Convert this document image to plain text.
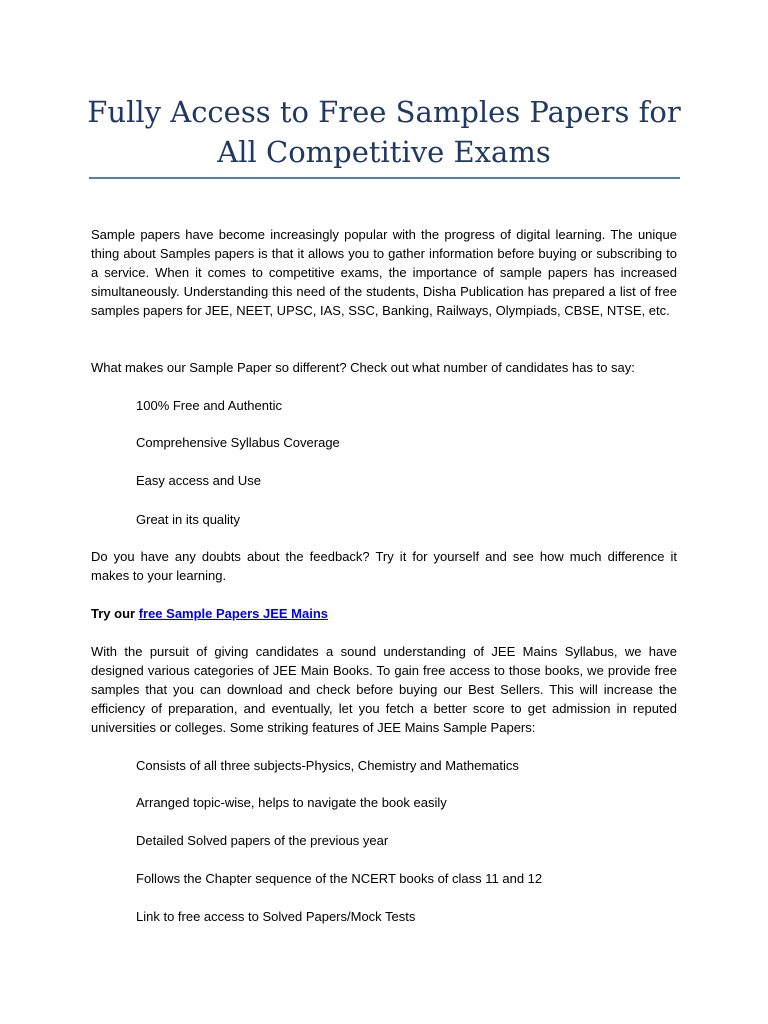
Fully Access to Free Samples Papers for
All Competitive Exams

Sample papers have become increasingly popular with the progress of digital learning. The unique thing about Samples papers is that it allows you to gather information before buying or subscribing to a service. When it comes to competitive exams, the importance of sample papers has increased simultaneously. Understanding this need of the students, Disha Publication has prepared a list of free samples papers for JEE, NEET, UPSC, IAS, SSC, Banking, Railways, Olympiads, CBSE, NTSE, etc.

What makes our Sample Paper so different? Check out what number of candidates has to say:

100% Free and Authentic

Comprehensive Syllabus Coverage

Easy access and Use

Great in its quality

Do you have any doubts about the feedback? Try it for yourself and see how much difference it makes to your learning.

Try our free Sample Papers JEE Mains

With the pursuit of giving candidates a sound understanding of JEE Mains Syllabus, we have designed various categories of JEE Main Books. To gain free access to those books, we provide free samples that you can download and check before buying our Best Sellers. This will increase the efficiency of preparation, and eventually, let you fetch a better score to get admission in reputed universities or colleges. Some striking features of JEE Mains Sample Papers:

Consists of all three subjects-Physics, Chemistry and Mathematics

Arranged topic-wise, helps to navigate the book easily

Detailed Solved papers of the previous year

Follows the Chapter sequence of the NCERT books of class 11 and 12

Link to free access to Solved Papers/Mock Tests
